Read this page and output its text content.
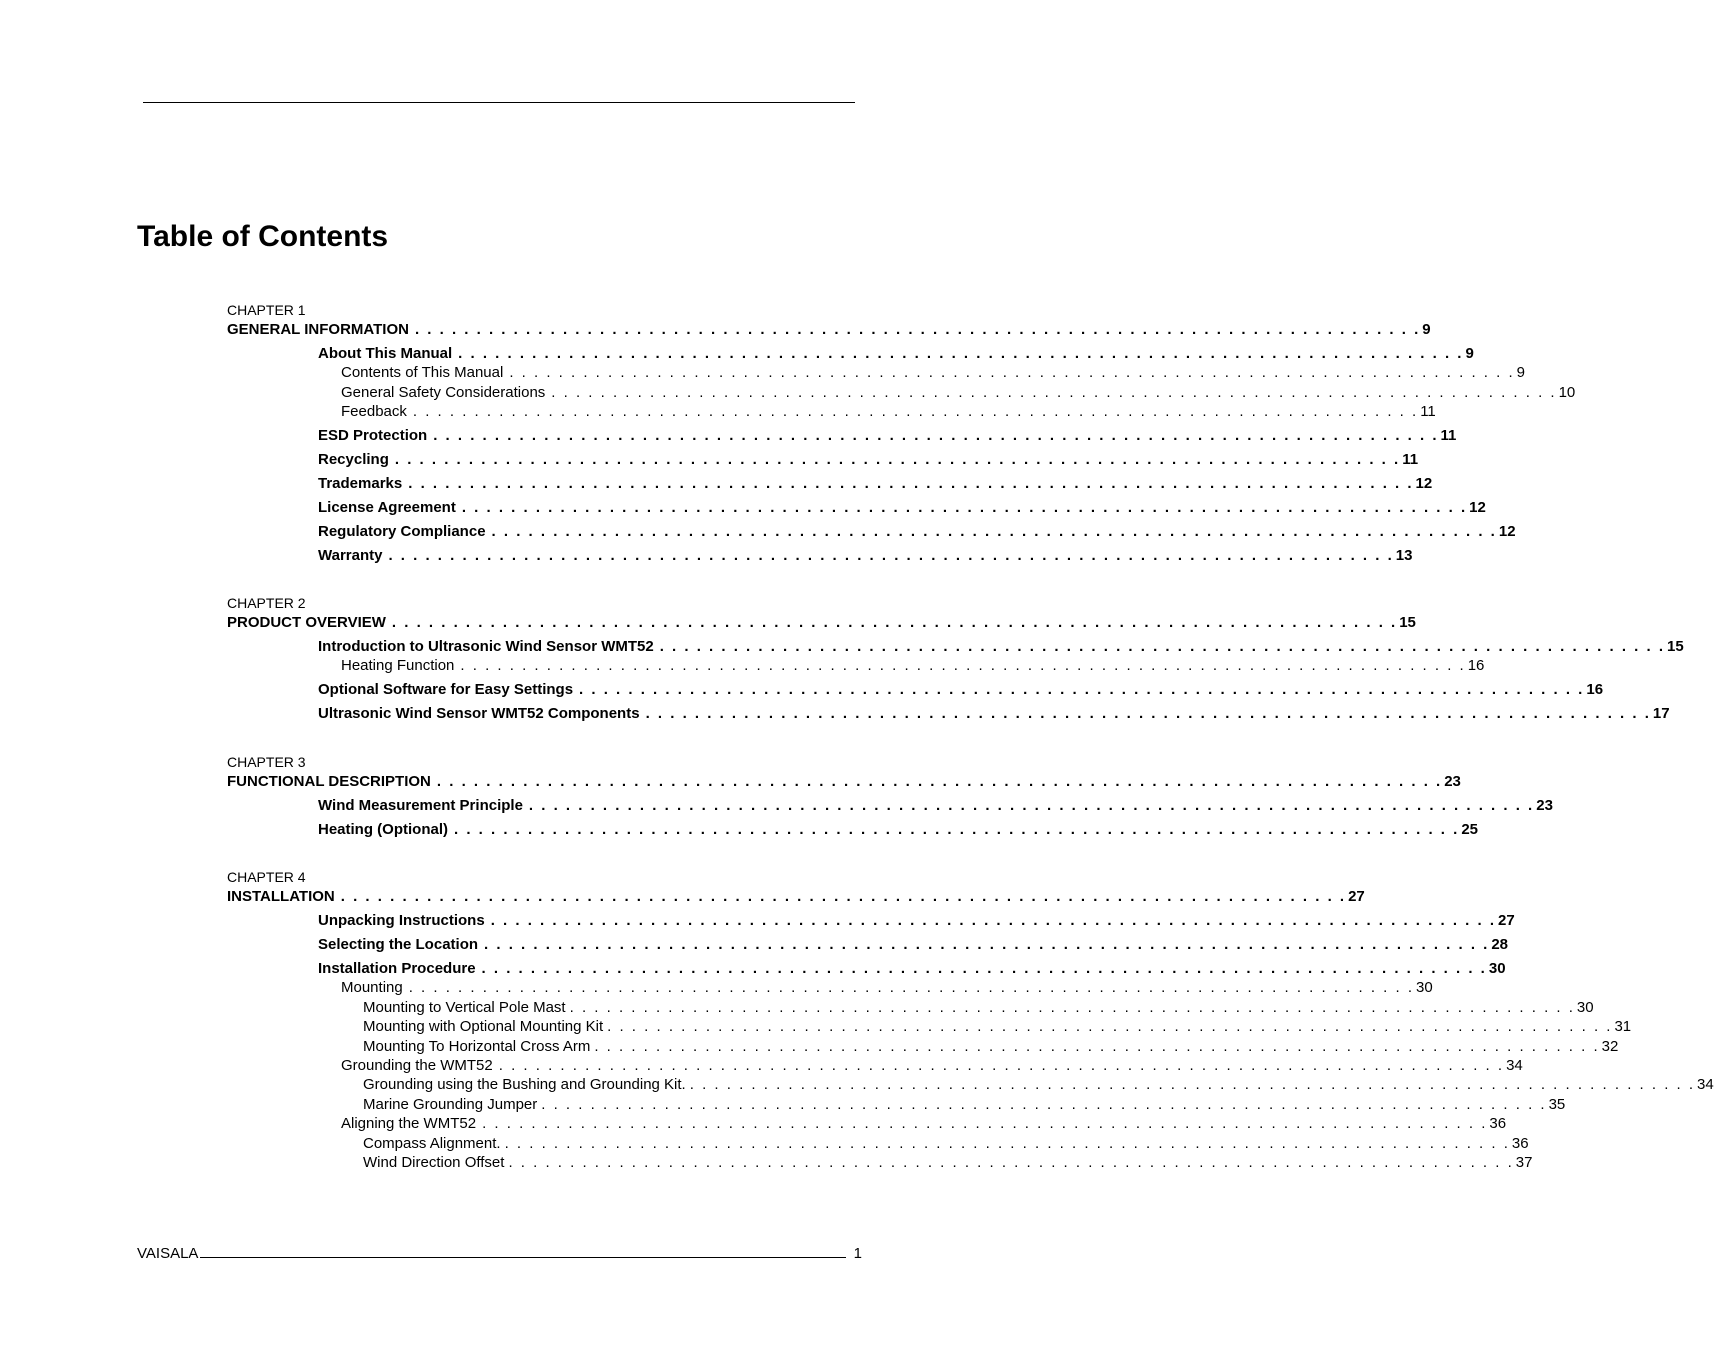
Table of Contents
CHAPTER 1
GENERAL INFORMATION . . . . . . . . . . . . . . . . . . . . . . . . . . . . . . . . . . . . . . . . . . . . . . . . . . . . . . . . . . . . . . . . . . . . . . . . . . . . . . . . . . 9
About This Manual . . . . . . . . . . . . . . . . . . . . . . . . . . . . . . . . . . . . . . . . . . . . . . . . . . . . . . . . . . . . . . . . . . . . . . . . . . . . . . . . . . 9
Contents of This Manual . . . . . . . . . . . . . . . . . . . . . . . . . . . . . . . . . . . . . . . . . . . . . . . . . . . . . . . . . . . . . . . . . . . . . . . . . . . . . . . . . . 9
General Safety Considerations . . . . . . . . . . . . . . . . . . . . . . . . . . . . . . . . . . . . . . . . . . . . . . . . . . . . . . . . . . . . . . . . . . . . . . . . . . . . . . . . . . 10
Feedback . . . . . . . . . . . . . . . . . . . . . . . . . . . . . . . . . . . . . . . . . . . . . . . . . . . . . . . . . . . . . . . . . . . . . . . . . . . . . . . . . . 11
ESD Protection . . . . . . . . . . . . . . . . . . . . . . . . . . . . . . . . . . . . . . . . . . . . . . . . . . . . . . . . . . . . . . . . . . . . . . . . . . . . . . . . . . 11
Recycling . . . . . . . . . . . . . . . . . . . . . . . . . . . . . . . . . . . . . . . . . . . . . . . . . . . . . . . . . . . . . . . . . . . . . . . . . . . . . . . . . . 11
Trademarks . . . . . . . . . . . . . . . . . . . . . . . . . . . . . . . . . . . . . . . . . . . . . . . . . . . . . . . . . . . . . . . . . . . . . . . . . . . . . . . . . . 12
License Agreement . . . . . . . . . . . . . . . . . . . . . . . . . . . . . . . . . . . . . . . . . . . . . . . . . . . . . . . . . . . . . . . . . . . . . . . . . . . . . . . . . . 12
Regulatory Compliance . . . . . . . . . . . . . . . . . . . . . . . . . . . . . . . . . . . . . . . . . . . . . . . . . . . . . . . . . . . . . . . . . . . . . . . . . . . . . . . . . . 12
Warranty . . . . . . . . . . . . . . . . . . . . . . . . . . . . . . . . . . . . . . . . . . . . . . . . . . . . . . . . . . . . . . . . . . . . . . . . . . . . . . . . . . 13
CHAPTER 2
PRODUCT OVERVIEW . . . . . . . . . . . . . . . . . . . . . . . . . . . . . . . . . . . . . . . . . . . . . . . . . . . . . . . . . . . . . . . . . . . . . . . . . . . . . . . . . . 15
Introduction to Ultrasonic Wind Sensor WMT52 . . . . . . . . . . . . . . . . . . . . . . . . . . . . . . . . . . . . . . . . . . . . . . . . . . . . . . . . . . . . . . . . . . . . . . . . . . . . . . . . . . 15
Heating Function . . . . . . . . . . . . . . . . . . . . . . . . . . . . . . . . . . . . . . . . . . . . . . . . . . . . . . . . . . . . . . . . . . . . . . . . . . . . . . . . . . 16
Optional Software for Easy Settings . . . . . . . . . . . . . . . . . . . . . . . . . . . . . . . . . . . . . . . . . . . . . . . . . . . . . . . . . . . . . . . . . . . . . . . . . . . . . . . . . . 16
Ultrasonic Wind Sensor WMT52 Components . . . . . . . . . . . . . . . . . . . . . . . . . . . . . . . . . . . . . . . . . . . . . . . . . . . . . . . . . . . . . . . . . . . . . . . . . . . . . . . . . . 17
CHAPTER 3
FUNCTIONAL DESCRIPTION . . . . . . . . . . . . . . . . . . . . . . . . . . . . . . . . . . . . . . . . . . . . . . . . . . . . . . . . . . . . . . . . . . . . . . . . . . . . . . . . . . 23
Wind Measurement Principle . . . . . . . . . . . . . . . . . . . . . . . . . . . . . . . . . . . . . . . . . . . . . . . . . . . . . . . . . . . . . . . . . . . . . . . . . . . . . . . . . . 23
Heating (Optional) . . . . . . . . . . . . . . . . . . . . . . . . . . . . . . . . . . . . . . . . . . . . . . . . . . . . . . . . . . . . . . . . . . . . . . . . . . . . . . . . . . 25
CHAPTER 4
INSTALLATION . . . . . . . . . . . . . . . . . . . . . . . . . . . . . . . . . . . . . . . . . . . . . . . . . . . . . . . . . . . . . . . . . . . . . . . . . . . . . . . . . . 27
Unpacking Instructions . . . . . . . . . . . . . . . . . . . . . . . . . . . . . . . . . . . . . . . . . . . . . . . . . . . . . . . . . . . . . . . . . . . . . . . . . . . . . . . . . . 27
Selecting the Location . . . . . . . . . . . . . . . . . . . . . . . . . . . . . . . . . . . . . . . . . . . . . . . . . . . . . . . . . . . . . . . . . . . . . . . . . . . . . . . . . . 28
Installation Procedure . . . . . . . . . . . . . . . . . . . . . . . . . . . . . . . . . . . . . . . . . . . . . . . . . . . . . . . . . . . . . . . . . . . . . . . . . . . . . . . . . . 30
Mounting . . . . . . . . . . . . . . . . . . . . . . . . . . . . . . . . . . . . . . . . . . . . . . . . . . . . . . . . . . . . . . . . . . . . . . . . . . . . . . . . . . 30
Mounting to Vertical Pole Mast . . . . . . . . . . . . . . . . . . . . . . . . . . . . . . . . . . . . . . . . . . . . . . . . . . . . . . . . . . . . . . . . . . . . . . . . . . . . . . . . . . 30
Mounting with Optional Mounting Kit . . . . . . . . . . . . . . . . . . . . . . . . . . . . . . . . . . . . . . . . . . . . . . . . . . . . . . . . . . . . . . . . . . . . . . . . . . . . . . . . . . 31
Mounting To Horizontal Cross Arm . . . . . . . . . . . . . . . . . . . . . . . . . . . . . . . . . . . . . . . . . . . . . . . . . . . . . . . . . . . . . . . . . . . . . . . . . . . . . . . . . . 32
Grounding the WMT52 . . . . . . . . . . . . . . . . . . . . . . . . . . . . . . . . . . . . . . . . . . . . . . . . . . . . . . . . . . . . . . . . . . . . . . . . . . . . . . . . . . 34
Grounding using the Bushing and Grounding Kit. . . . . . . . . . . . . . . . . . . . . . . . . . . . . . . . . . . . . . . . . . . . . . . . . . . . . . . . . . . . . . . . . . . . . . . . . . . . . . . . . . . 34
Marine Grounding Jumper . . . . . . . . . . . . . . . . . . . . . . . . . . . . . . . . . . . . . . . . . . . . . . . . . . . . . . . . . . . . . . . . . . . . . . . . . . . . . . . . . . 35
Aligning the WMT52 . . . . . . . . . . . . . . . . . . . . . . . . . . . . . . . . . . . . . . . . . . . . . . . . . . . . . . . . . . . . . . . . . . . . . . . . . . . . . . . . . . 36
Compass Alignment. . . . . . . . . . . . . . . . . . . . . . . . . . . . . . . . . . . . . . . . . . . . . . . . . . . . . . . . . . . . . . . . . . . . . . . . . . . . . . . . . . . 36
Wind Direction Offset . . . . . . . . . . . . . . . . . . . . . . . . . . . . . . . . . . . . . . . . . . . . . . . . . . . . . . . . . . . . . . . . . . . . . . . . . . . . . . . . . . 37
VAISALA	1
